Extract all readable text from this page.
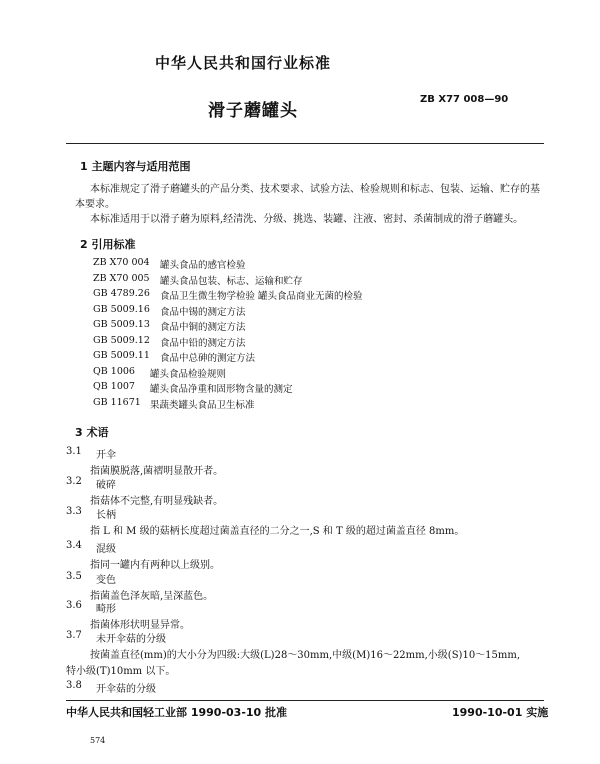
中华人民共和国行业标准
滑子蘑罐头
ZB X77 008—90
1 主题内容与适用范围
本标准规定了滑子蘑罐头的产品分类、技术要求、试验方法、检验规则和标志、包装、运输、贮存的基
本要求。
本标准适用于以滑子蘑为原料,经清洗、分级、挑选、装罐、注液、密封、杀菌制成的滑子蘑罐头。
2 引用标准
ZB X70 004 罐头食品的感官检验
ZB X70 005 罐头食品包装、标志、运输和贮存
GB 4789.26 食品卫生微生物学检验 罐头食品商业无菌的检验
GB 5009.16 食品中锡的测定方法
GB 5009.13 食品中铜的测定方法
GB 5009.12 食品中铅的测定方法
GB 5009.11 食品中总砷的测定方法
QB 1006 罐头食品检验规则
QB 1007 罐头食品净重和固形物含量的测定
GB 11671 果蔬类罐头食品卫生标准
3 术语
3.1 开伞
指菌膜脱落,菌褶明显散开者。
3.2 破碎
指菇体不完整,有明显残缺者。
3.3 长柄
指 L 和 M 级的菇柄长度超过菌盖直径的二分之一,S 和 T 级的超过菌盖直径 8mm。
3.4 混级
指同一罐内有两种以上级别。
3.5 变色
指菌盖色泽灰暗,呈深蓝色。
3.6 畸形
指菌体形状明显异常。
3.7 未开伞菇的分级
按菌盖直径(mm)的大小分为四级:大级(L)28～30mm,中级(M)16～22mm,小级(S)10～15mm,
特小级(T)10mm 以下。
3.8 开伞菇的分级
中华人民共和国轻工业部 1990-03-10 批准	1990-10-01 实施
574
